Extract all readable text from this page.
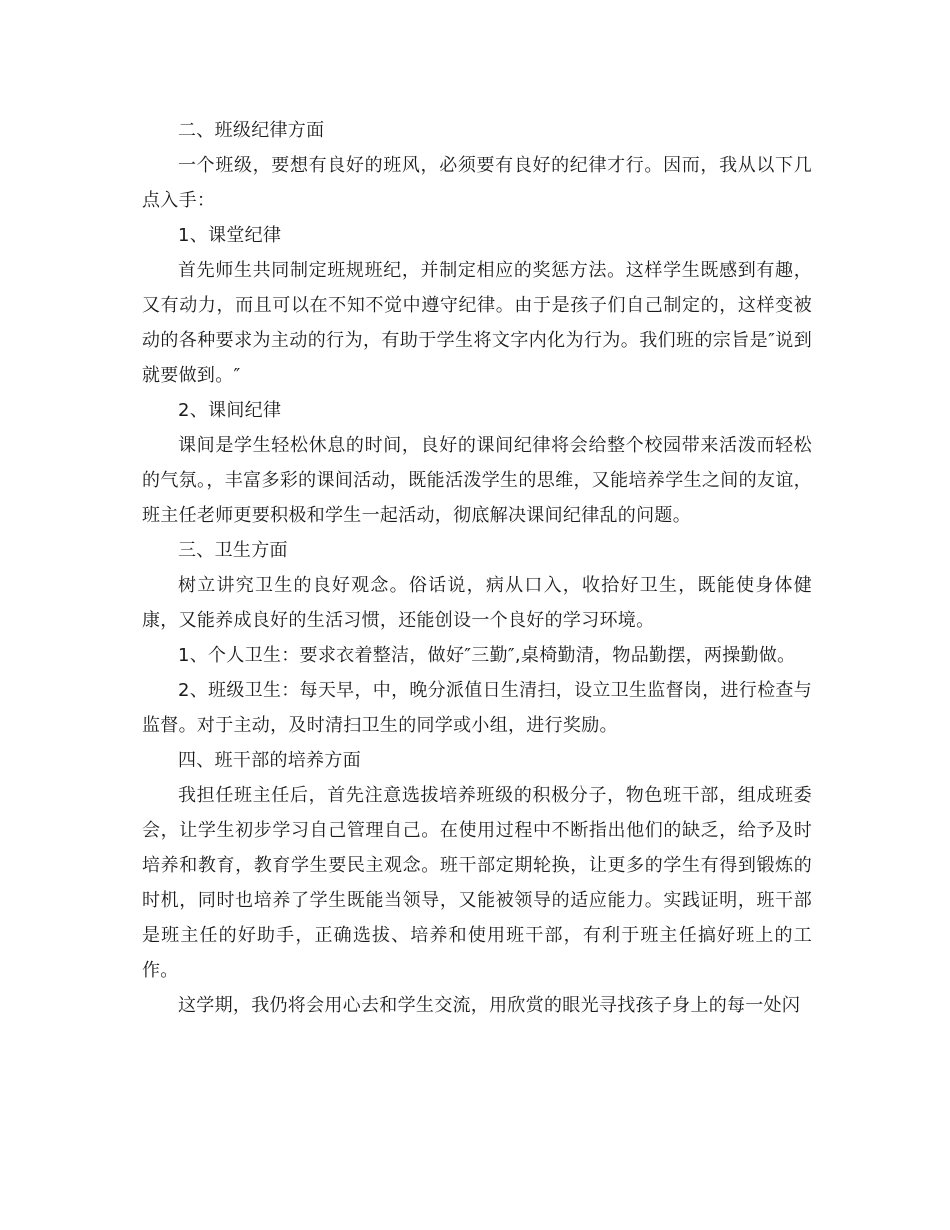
二、班级纪律方面

一个班级，要想有良好的班风，必须要有良好的纪律才行。因而，我从以下几点入手：

1、课堂纪律

首先师生共同制定班规班纪，并制定相应的奖惩方法。这样学生既感到有趣，又有动力，而且可以在不知不觉中遵守纪律。由于是孩子们自己制定的，这样变被动的各种要求为主动的行为，有助于学生将文字内化为行为。我们班的宗旨是″说到就要做到。″

2、课间纪律

课间是学生轻松休息的时间，良好的课间纪律将会给整个校园带来活泼而轻松的气氛。，丰富多彩的课间活动，既能活泼学生的思维，又能培养学生之间的友谊，班主任老师更要积极和学生一起活动，彻底解决课间纪律乱的问题。

三、卫生方面

树立讲究卫生的良好观念。俗话说，病从口入，收拾好卫生，既能使身体健康，又能养成良好的生活习惯，还能创设一个良好的学习环境。

1、个人卫生：要求衣着整洁，做好″三勤″,桌椅勤清，物品勤摆，两操勤做。

2、班级卫生：每天早，中，晚分派值日生清扫，设立卫生监督岗，进行检查与监督。对于主动，及时清扫卫生的同学或小组，进行奖励。

四、班干部的培养方面

我担任班主任后，首先注意选拔培养班级的积极分子，物色班干部，组成班委会，让学生初步学习自己管理自己。在使用过程中不断指出他们的缺乏，给予及时培养和教育，教育学生要民主观念。班干部定期轮换，让更多的学生有得到锻炼的时机，同时也培养了学生既能当领导，又能被领导的适应能力。实践证明，班干部是班主任的好助手，正确选拔、培养和使用班干部，有利于班主任搞好班上的工作。

这学期，我仍将会用心去和学生交流，用欣赏的眼光寻找孩子身上的每一处闪
